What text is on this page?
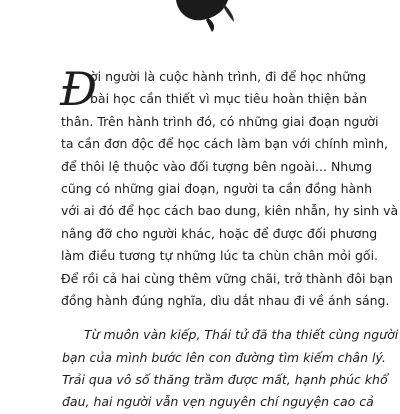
Đ

ời người là cuộc hành trình, đi để học những
bài học cần thiết vì mục tiêu hoàn thiện bản
thân. Trên hành trình đó, có những giai đoạn người
ta cần đơn độc để học cách làm bạn với chính mình,
để thôi lệ thuộc vào đối tượng bên ngoài... Nhưng
cũng có những giai đoạn, người ta cần đồng hành
với ai đó để học cách bao dung, kiên nhẫn, hy sinh và
nâng đỡ cho người khác, hoặc để được đối phương
làm điều tương tự những lúc ta chùn chân mỏi gối.
Để rồi cả hai cùng thêm vững chãi, trở thành đôi bạn
đồng hành đúng nghĩa, dìu dắt nhau đi về ánh sáng.

Từ muôn vàn kiếp, Thái tử đã tha thiết cùng người
bạn của mình bước lên con đường tìm kiếm chân lý.
Trải qua vô số thăng trầm được mất, hạnh phúc khổ
đau, hai người vẫn vẹn nguyên chí nguyện cao cả
